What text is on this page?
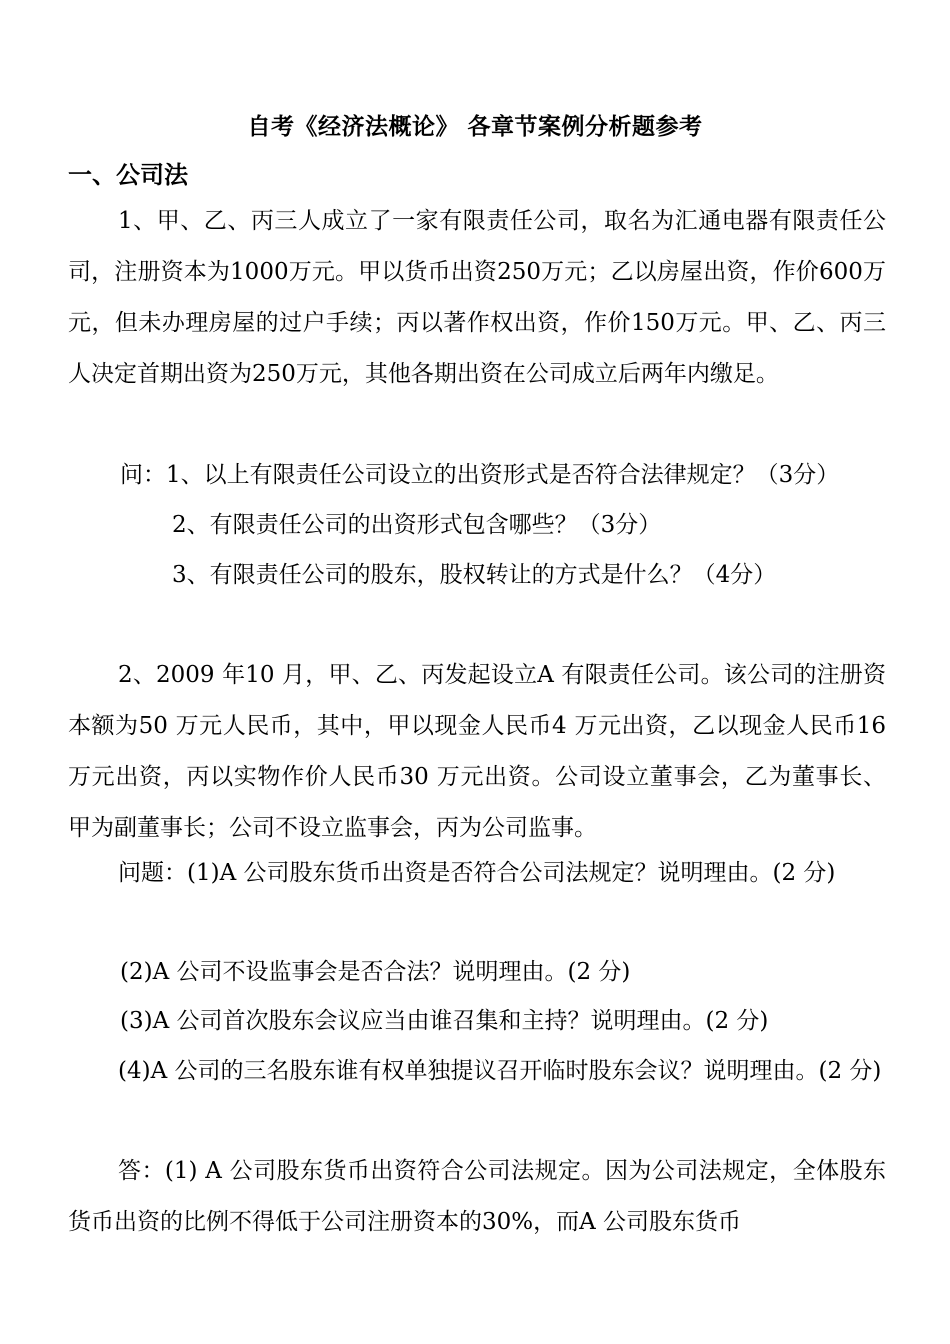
自考《经济法概论》 各章节案例分析题参考
一、公司法

1、甲、乙、丙三人成立了一家有限责任公司，取名为汇通电器有限责任公司，注册资本为1000万元。甲以货币出资250万元；乙以房屋出资，作价600万元，但未办理房屋的过户手续；丙以著作权出资，作价150万元。甲、乙、丙三人决定首期出资为250万元，其他各期出资在公司成立后两年内缴足。

问：1、以上有限责任公司设立的出资形式是否符合法律规定？（3分）

2、有限责任公司的出资形式包含哪些？（3分）

3、有限责任公司的股东，股权转让的方式是什么？（4分）

2、2009 年10 月，甲、乙、丙发起设立A 有限责任公司。该公司的注册资本额为50 万元人民币，其中，甲以现金人民币4 万元出资，乙以现金人民币16 万元出资，丙以实物作价人民币30 万元出资。公司设立董事会，乙为董事长、甲为副董事长；公司不设立监事会，丙为公司监事。

问题：(1)A 公司股东货币出资是否符合公司法规定？说明理由。(2 分)

(2)A 公司不设监事会是否合法？说明理由。(2 分)

(3)A 公司首次股东会议应当由谁召集和主持？说明理由。(2 分)

(4)A 公司的三名股东谁有权单独提议召开临时股东会议？说明理由。(2 分)

答：(1) A 公司股东货币出资符合公司法规定。因为公司法规定，全体股东货币出资的比例不得低于公司注册资本的30%，而A 公司股东货币
